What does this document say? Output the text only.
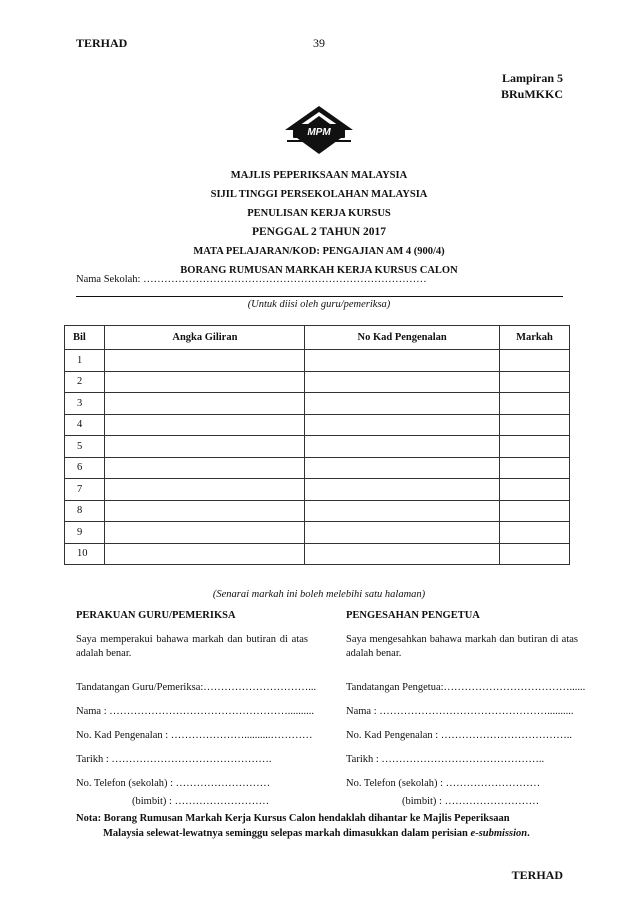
TERHAD	39
Lampiran 5
BRuMKKC
MPM
MAJLIS PEPERIKSAAN MALAYSIA
SIJIL TINGGI PERSEKOLAHAN MALAYSIA
PENULISAN KERJA KURSUS
PENGGAL 2 TAHUN 2017
MATA PELAJARAN/KOD: PENGAJIAN AM 4 (900/4)
BORANG RUMUSAN MARKAH KERJA KURSUS CALON
Nama Sekolah: ………………………………………………………………………
(Untuk diisi oleh guru/pemeriksa)
Bil	Angka Giliran	No Kad Pengenalan	Markah
1			
2			
3			
4			
5			
6			
7			
8			
9			
10			
(Senarai markah ini boleh melebihi satu halaman)
PERAKUAN GURU/PEMERIKSA
Saya memperakui bahawa markah dan butiran di atas adalah benar.
Tandatangan Guru/Pemeriksa:…………………………...
Nama : ……………………………………………..........
No. Kad Pengenalan : …………………..........…………
Tarikh : ……………………………………….
No. Telefon (sekolah) : ………………………
(bimbit) : ………………………
PENGESAHAN PENGETUA
Saya mengesahkan bahawa markah dan butiran di atas adalah benar.
Tandatangan Pengetua:………………………………......
Nama : …………………………………………..........
No. Kad Pengenalan : ………………………………..
Tarikh : ………………………………………..
No. Telefon (sekolah) : ………………………
(bimbit) : ………………………
Nota: Borang Rumusan Markah Kerja Kursus Calon hendaklah dihantar ke Majlis Peperiksaan
Malaysia selewat-lewatnya seminggu selepas markah dimasukkan dalam perisian e-submission.
TERHAD
